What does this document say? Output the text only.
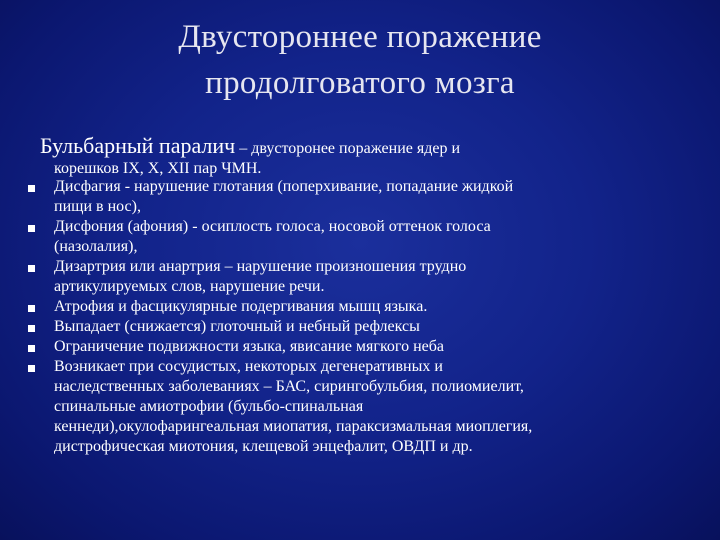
Двустороннее поражение
продолговатого мозга
Бульбарный паралич – двусторонее поражение ядер и
корешков IX, X, XII пар ЧМН.
Дисфагия - нарушение глотания (поперхивание, попадание жидкой
пищи в нос),
Дисфония (афония) - осиплость голоса, носовой оттенок голоса
(назолалия),
Дизартрия или анартрия – нарушение произношения трудно
артикулируемых слов, нарушение речи.
Атрофия и фасцикулярные подергивания мышц языка.
Выпадает (снижается) глоточный и небный рефлексы
Ограничение подвижности языка, явисание мягкого неба
Возникает при сосудистых, некоторых дегенеративных и
наследственных заболеваниях – БАС, сирингобульбия, полиомиелит,
спинальные амиотрофии (бульбо-спинальная
кеннеди),окулофарингеальная миопатия, параксизмальная миоплегия,
дистрофическая миотония, клещевой энцефалит, ОВДП и др.
